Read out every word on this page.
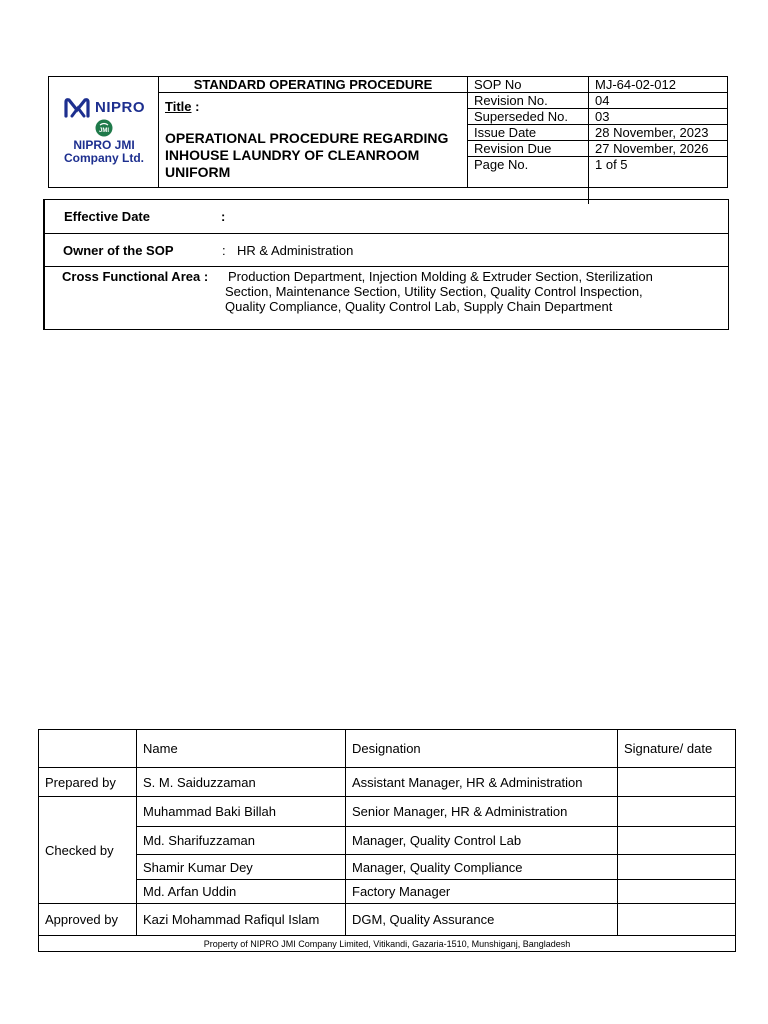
NIPRO
JMI
NIPRO JMI
Company Ltd.
STANDARD OPERATING PROCEDURE
Title :
OPERATIONAL PROCEDURE REGARDING INHOUSE LAUNDRY OF CLEANROOM UNIFORM
SOP No	MJ-64-02-012
Revision No.	04
Superseded No.	03
Issue Date	28 November, 2023
Revision Due	27 November, 2026
Page No.	1 of 5
Effective Date	:
Owner of the SOP	: HR & Administration
Cross Functional Area : Production Department, Injection Molding & Extruder Section, Sterilization
Section, Maintenance Section, Utility Section, Quality Control Inspection,
Quality Compliance, Quality Control Lab, Supply Chain Department
	Name	Designation	Signature/ date
Prepared by	S. M. Saiduzzaman	Assistant Manager, HR & Administration	
Checked by	Muhammad Baki Billah	Senior Manager, HR & Administration	
	Md. Sharifuzzaman	Manager, Quality Control Lab	
	Shamir Kumar Dey	Manager, Quality Compliance	
	Md. Arfan Uddin	Factory Manager	
Approved by	Kazi Mohammad Rafiqul Islam	DGM, Quality Assurance	
Property of NIPRO JMI Company Limited, Vitikandi, Gazaria-1510, Munshiganj, Bangladesh			
